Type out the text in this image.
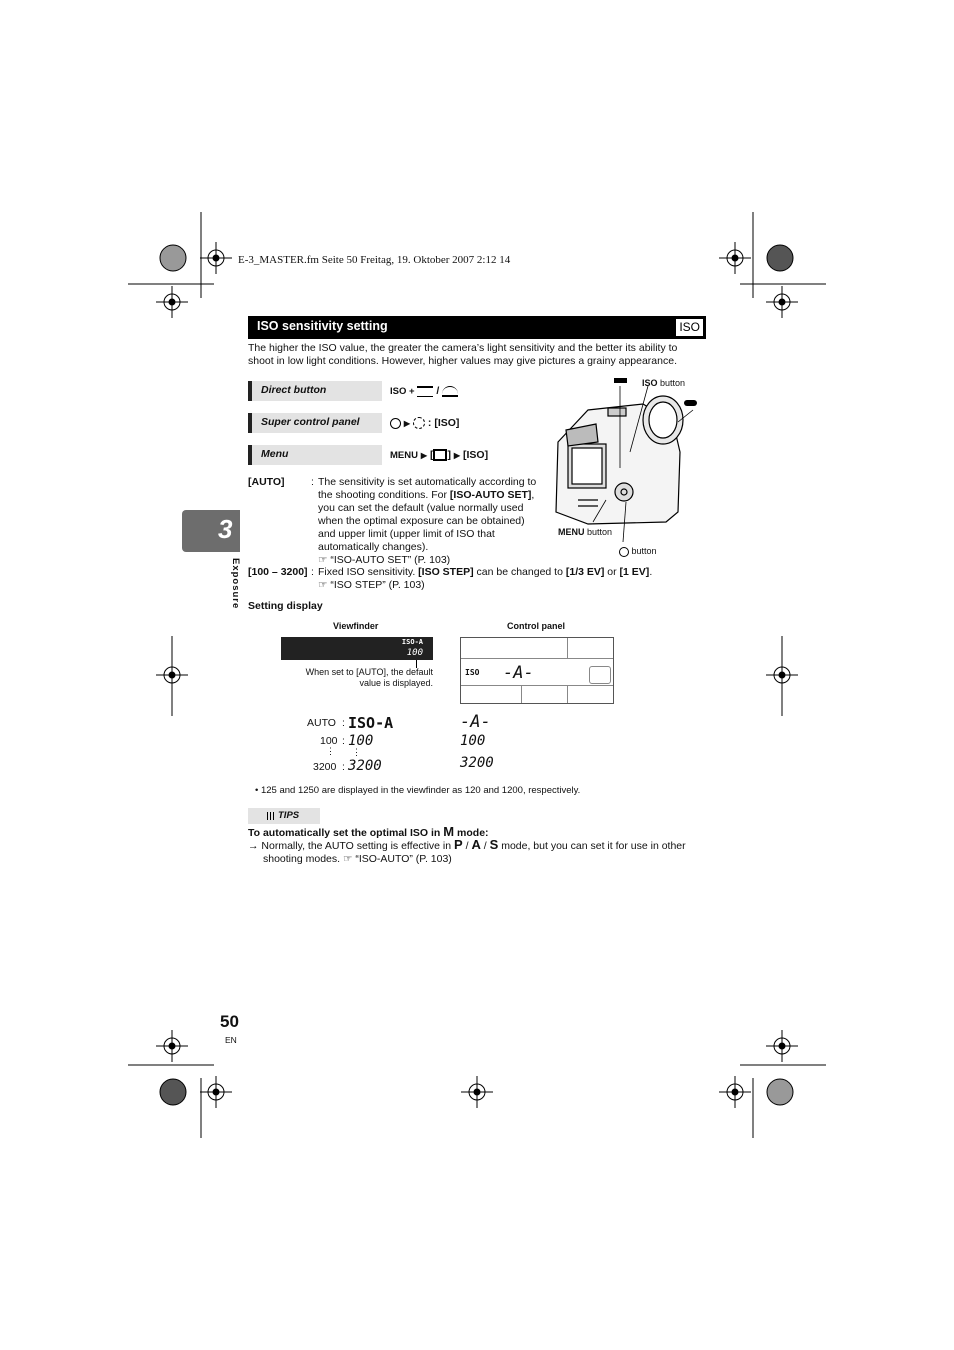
E-3_MASTER.fm Seite 50 Freitag, 19. Oktober 2007 2:12 14
ISO sensitivity setting	ISO
The higher the ISO value, the greater the camera’s light sensitivity and the better its ability to shoot in low light conditions. However, higher values may give pictures a grainy appearance.
Direct button	ISO + /
Super control panel	▶ : [ISO]
Menu	MENU ▶ [ ] ▶ [ISO]
ISO button
MENU button
button
[AUTO]	: The sensitivity is set automatically according to
the shooting conditions. For [ISO-AUTO SET],
you can set the default (value normally used
when the optimal exposure can be obtained)
and upper limit (upper limit of ISO that
automatically changes).
☞ “ISO-AUTO SET” (P. 103)
[100 – 3200] : Fixed ISO sensitivity. [ISO STEP] can be changed to [1/3 EV] or [1 EV].
☞ “ISO STEP” (P. 103)
3
Exposure Setting display
Viewfinder	Control panel
ISO-A
100
When set to [AUTO], the default
value is displayed.
ISO -A-
AUTO : ISO-A	-A-
100 : 100	100
⋮ ⋮
3200 : 3200	3200
• 125 and 1250 are displayed in the viewfinder as 120 and 1200, respectively.
TIPS
To automatically set the optimal ISO in M mode:
→ Normally, the AUTO setting is effective in P / A / S mode, but you can set it for use in other
shooting modes. ☞ “ISO-AUTO” (P. 103)
50
EN
